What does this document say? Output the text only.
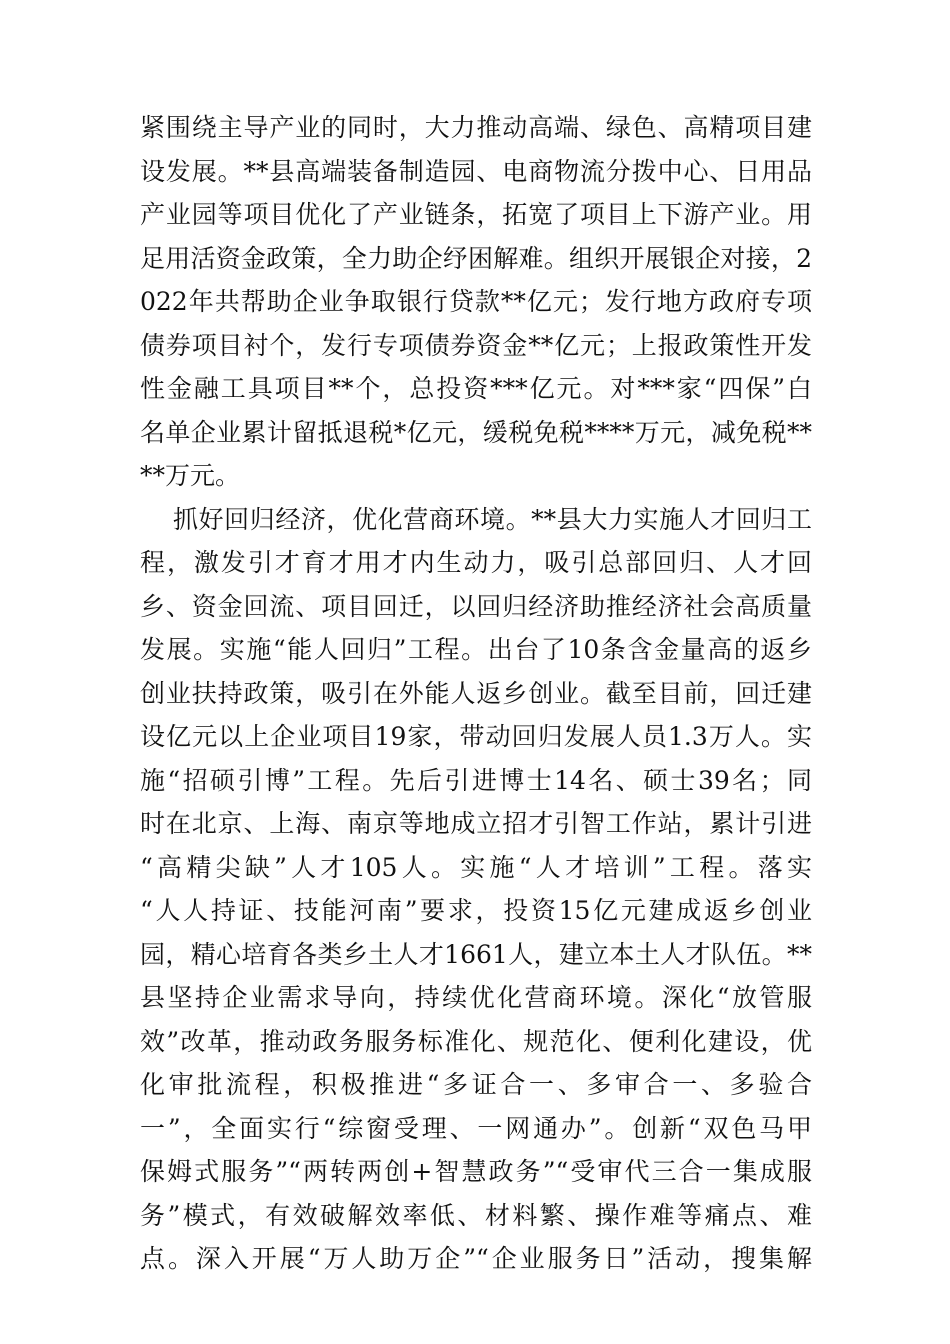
紧围绕主导产业的同时，大力推动高端、绿色、高精项目建
设发展。**县高端装备制造园、电商物流分拨中心、日用品
产业园等项目优化了产业链条，拓宽了项目上下游产业。用
足用活资金政策，全力助企纾困解难。组织开展银企对接，2
022年共帮助企业争取银行贷款**亿元；发行地方政府专项
债券项目衬个，发行专项债券资金**亿元；上报政策性开发
性金融工具项目**个，总投资***亿元。对***家“四保”白
名单企业累计留抵退税*亿元，缓税免税****万元，减免税**
**万元。
抓好回归经济，优化营商环境。**县大力实施人才回归工
程，激发引才育才用才内生动力，吸引总部回归、人才回
乡、资金回流、项目回迁，以回归经济助推经济社会高质量
发展。实施“能人回归”工程。出台了10条含金量高的返乡
创业扶持政策，吸引在外能人返乡创业。截至目前，回迁建
设亿元以上企业项目19家，带动回归发展人员1.3万人。实
施“招硕引博”工程。先后引进博士14名、硕士39名；同
时在北京、上海、南京等地成立招才引智工作站，累计引进
“高精尖缺”人才105人。实施“人才培训”工程。落实
“人人持证、技能河南”要求，投资15亿元建成返乡创业
园，精心培育各类乡土人才1661人，建立本土人才队伍。**
县坚持企业需求导向，持续优化营商环境。深化“放管服
效”改革，推动政务服务标准化、规范化、便利化建设，优
化审批流程，积极推进“多证合一、多审合一、多验合
一”，全面实行“综窗受理、一网通办”。创新“双色马甲
保姆式服务”“两转两创+智慧政务”“受审代三合一集成服
务”模式，有效破解效率低、材料繁、操作难等痛点、难
点。深入开展“万人助万企”“企业服务日”活动，搜集解
